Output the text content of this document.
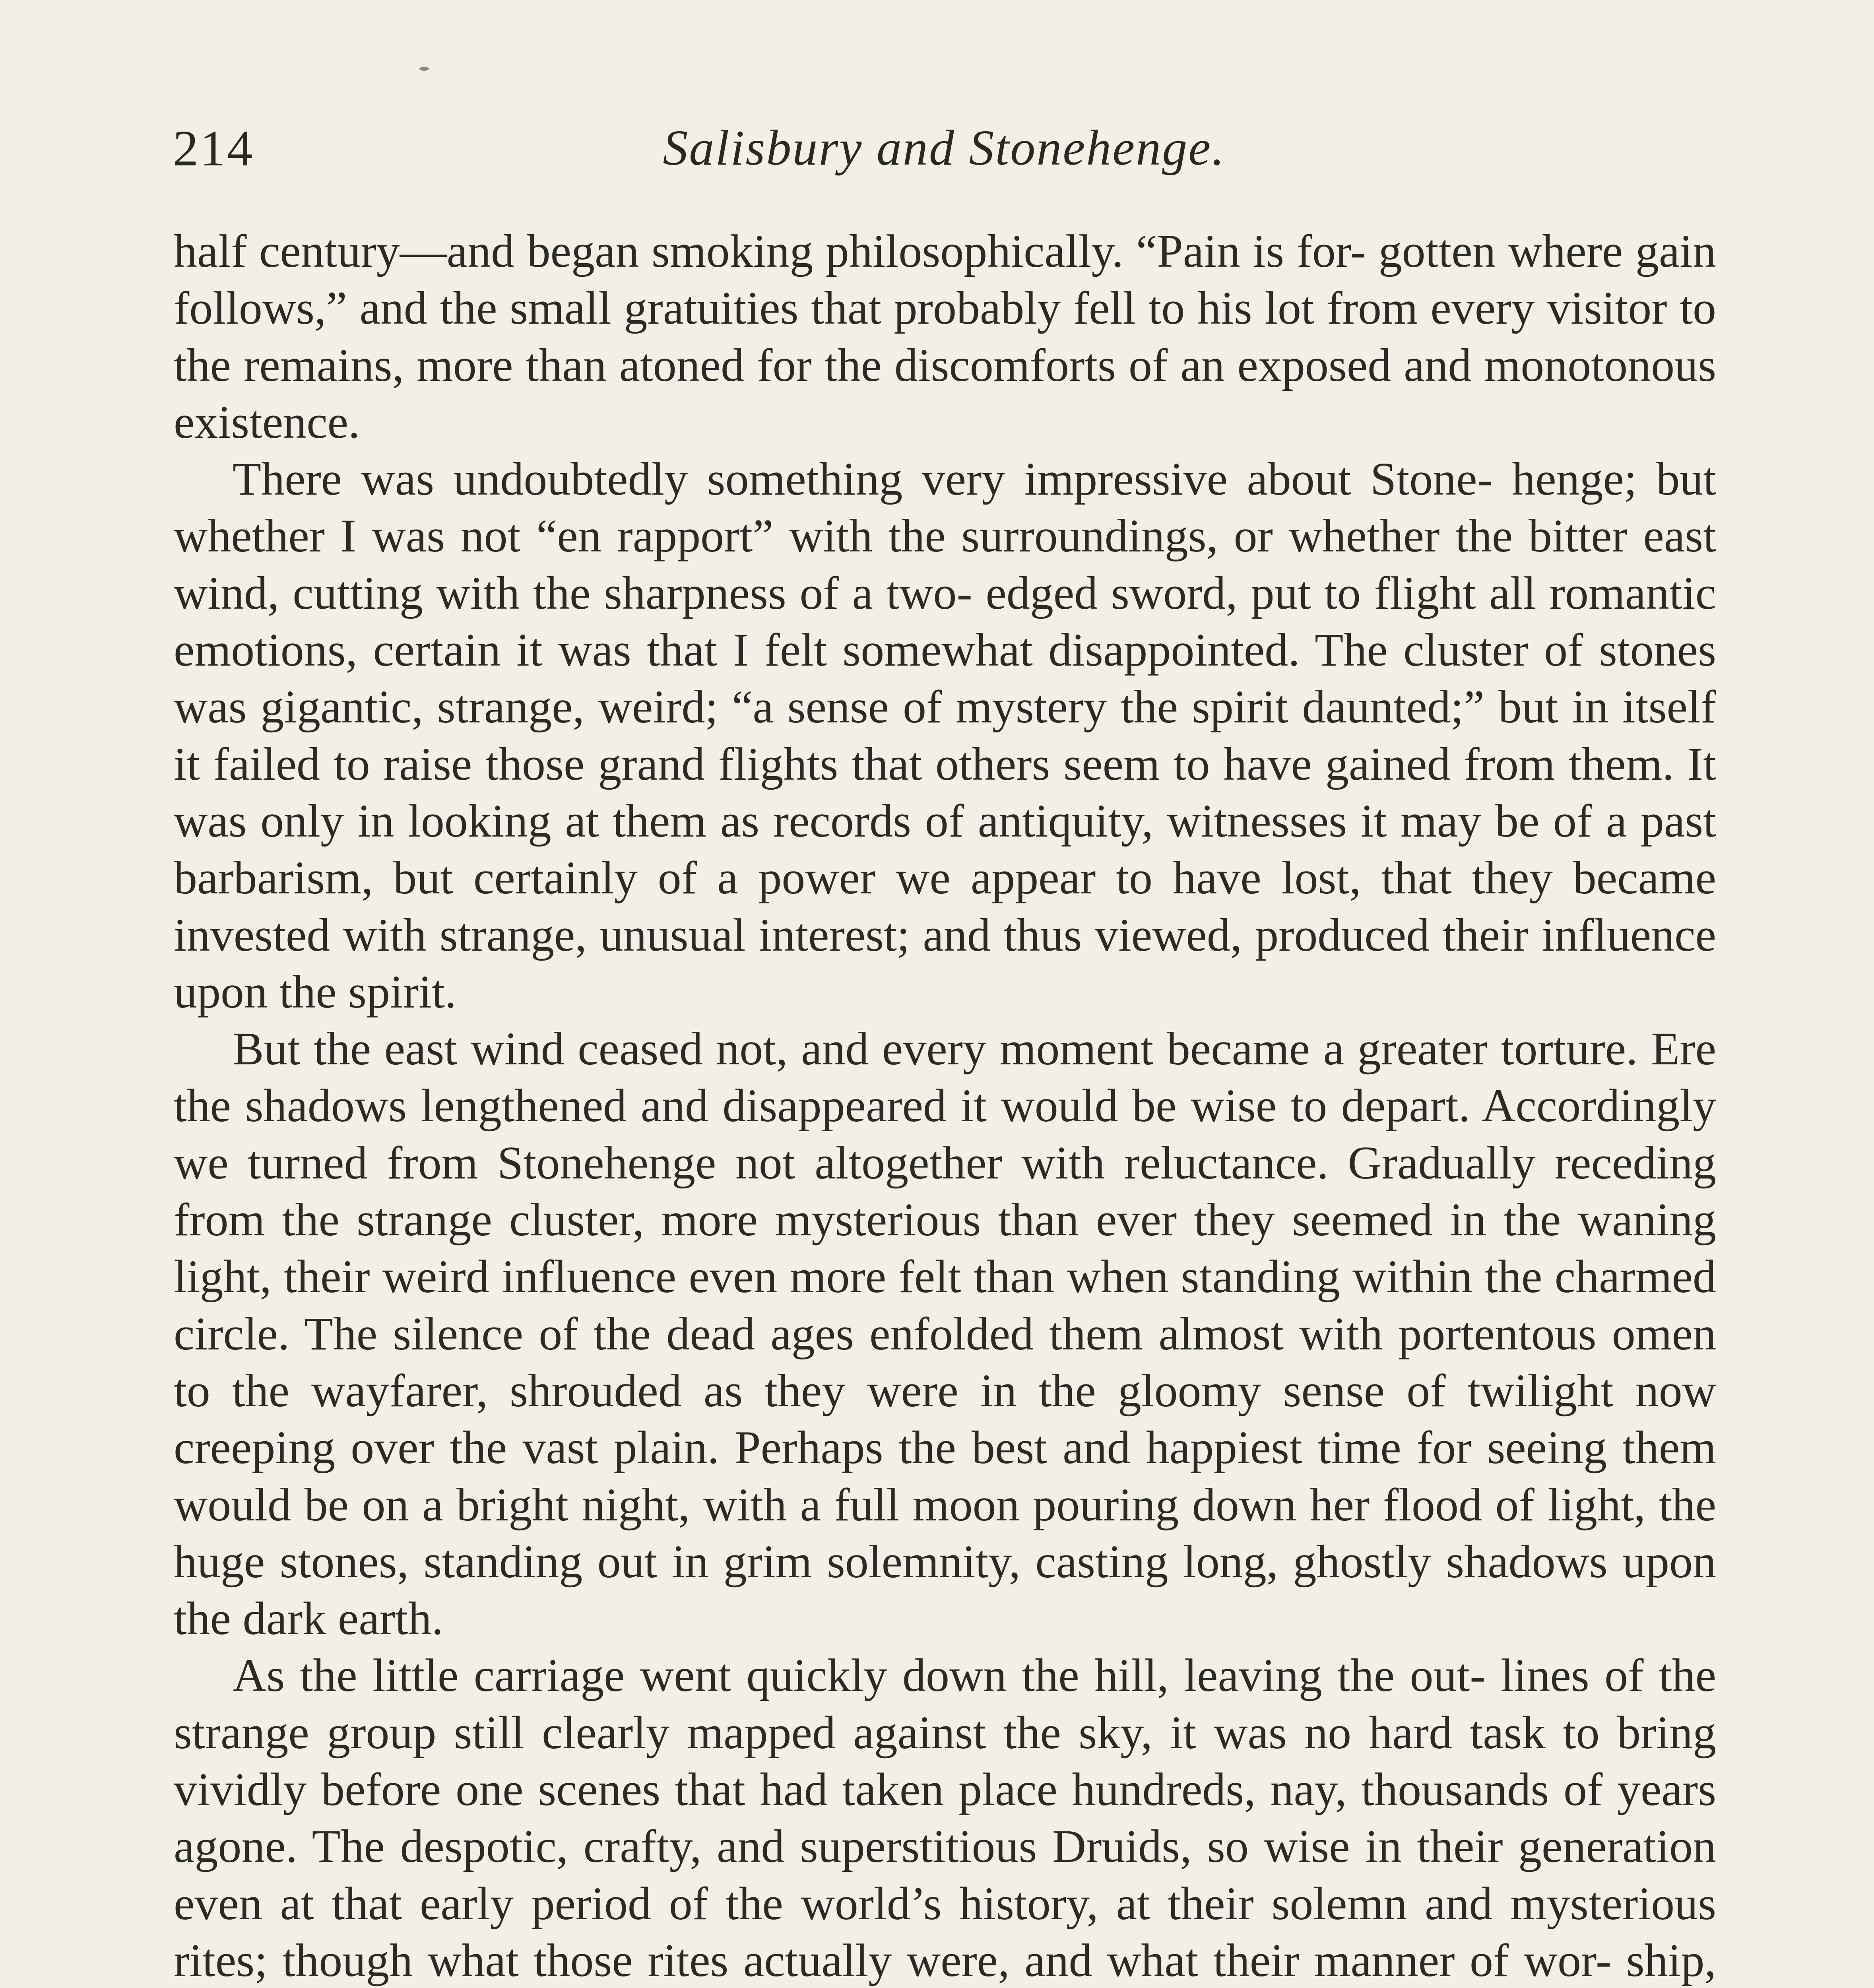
214	Salisbury and Stonehenge.

half century—and began smoking philosophically. “Pain is for- gotten where gain follows,” and the small gratuities that probably fell to his lot from every visitor to the remains, more than atoned for the discomforts of an exposed and monotonous existence.

There was undoubtedly something very impressive about Stone- henge; but whether I was not “en rapport” with the surroundings, or whether the bitter east wind, cutting with the sharpness of a two- edged sword, put to flight all romantic emotions, certain it was that I felt somewhat disappointed. The cluster of stones was gigantic, strange, weird; “a sense of mystery the spirit daunted;” but in itself it failed to raise those grand flights that others seem to have gained from them. It was only in looking at them as records of antiquity, witnesses it may be of a past barbarism, but certainly of a power we appear to have lost, that they became invested with strange, unusual interest; and thus viewed, produced their influence upon the spirit.

But the east wind ceased not, and every moment became a greater torture. Ere the shadows lengthened and disappeared it would be wise to depart. Accordingly we turned from Stonehenge not altogether with reluctance. Gradually receding from the strange cluster, more mysterious than ever they seemed in the waning light, their weird influence even more felt than when standing within the charmed circle. The silence of the dead ages enfolded them almost with portentous omen to the wayfarer, shrouded as they were in the gloomy sense of twilight now creeping over the vast plain. Perhaps the best and happiest time for seeing them would be on a bright night, with a full moon pouring down her flood of light, the huge stones, standing out in grim solemnity, casting long, ghostly shadows upon the dark earth.

As the little carriage went quickly down the hill, leaving the out- lines of the strange group still clearly mapped against the sky, it was no hard task to bring vividly before one scenes that had taken place hundreds, nay, thousands of years agone. The despotic, crafty, and superstitious Druids, so wise in their generation even at that early period of the world’s history, at their solemn and mysterious rites; though what those rites actually were, and what their manner of wor- ship,
